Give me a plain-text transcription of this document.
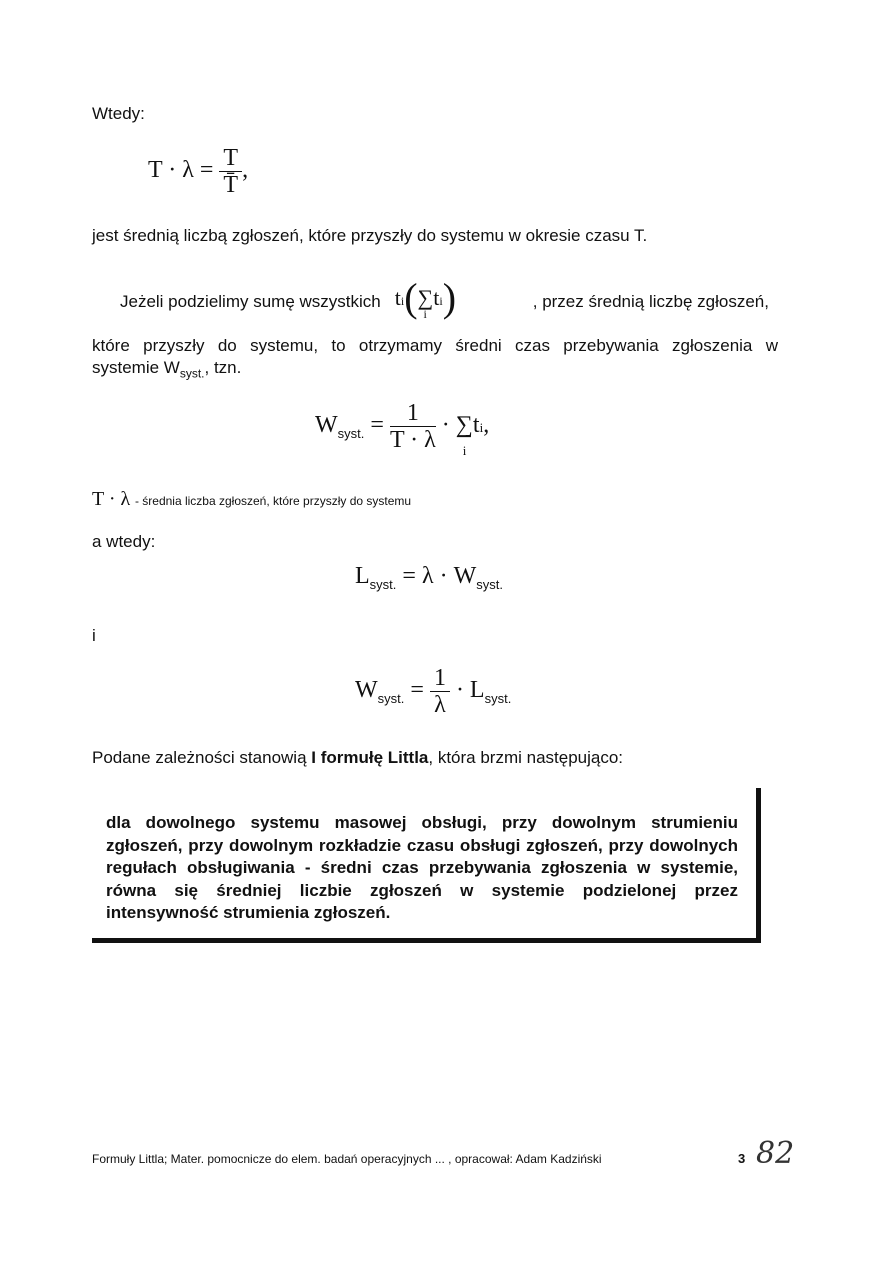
Wtedy:
$T \cdot \lambda = \frac{T}{T̄}$ ,
jest średnią liczbą zgłoszeń, które przyszły do systemu w okresie czasu T.
Jeżeli podzielimy sumę wszystkich ti(∑
i
ti)	, przez średnią liczbę zgłoszeń,
które przyszły do systemu, to otrzymamy średni czas przebywania zgłoszenia w
systemie $W_{syst.}$, tzn.
$W_{syst.} = \frac{1}{T \cdot \lambda}$ · ∑
i
ti,
T · λ - średnia liczba zgłoszeń, które przyszły do systemu
a wtedy:
$L_{syst.} = \lambda \cdot W_{syst.}$
i
$W_{syst.} = \frac{1}{\lambda} \cdot L_{syst.}$
Podane zależności stanowią I formułę Littla, która brzmi następująco:

dla dowolnego systemu masowej obsługi, przy dowolnym strumieniu zgłoszeń, przy dowolnym rozkładzie czasu obsługi zgłoszeń, przy dowolnych regułach obsługiwania - średni czas przebywania zgłoszenia w systemie, równa się średniej liczbie zgłoszeń w systemie podzielonej przez intensywność strumienia zgłoszeń.

Formuły Littla; Mater. pomocnicze do elem. badań operacyjnych ... , opracował: Adam Kadziński	3 82
